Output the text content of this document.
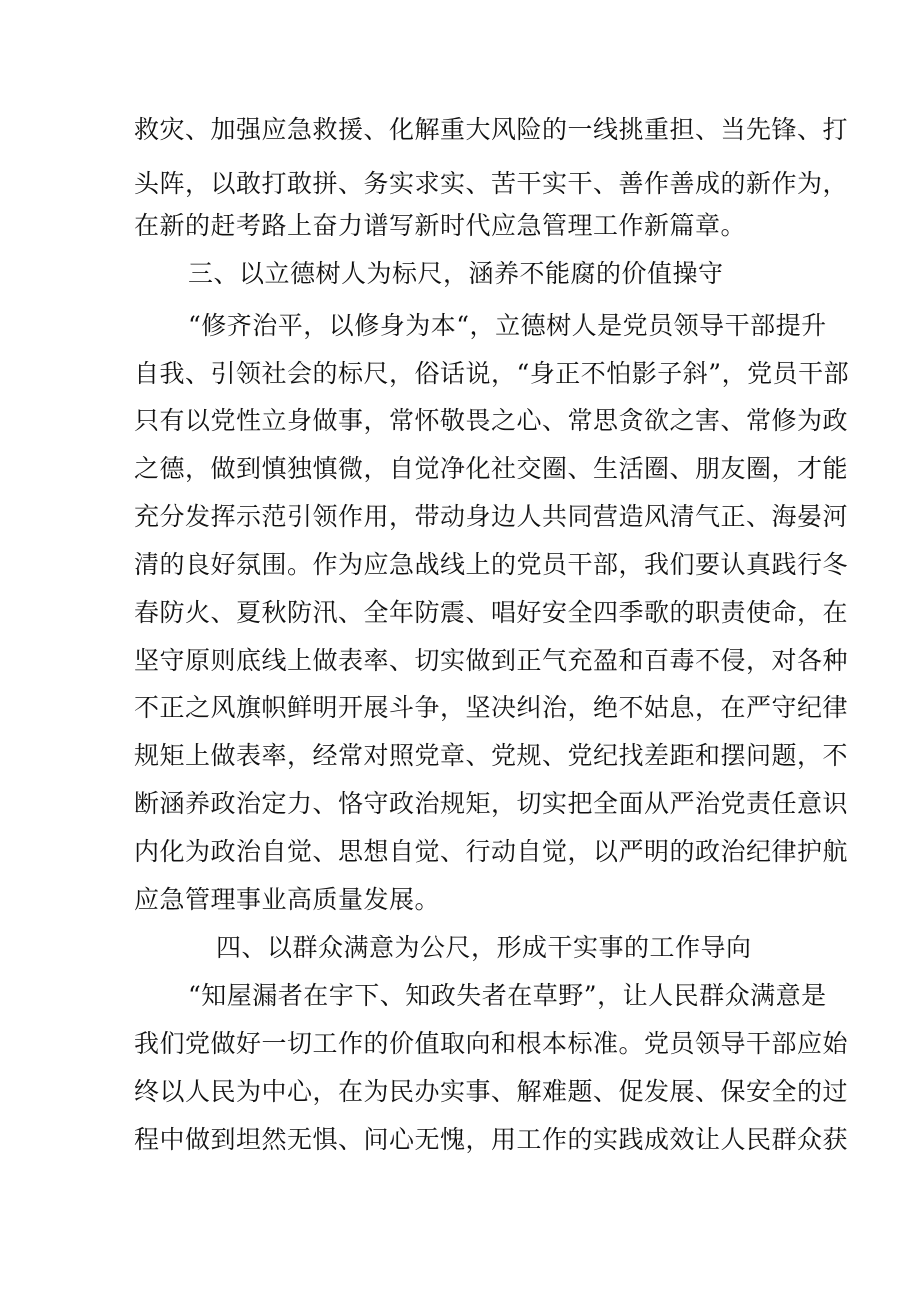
救灾、加强应急救援、化解重大风险的一线挑重担、当先锋、打
头阵，以敢打敢拼、务实求实、苦干实干、善作善成的新作为，
在新的赶考路上奋力谱写新时代应急管理工作新篇章。
三、以立德树人为标尺，涵养不能腐的价值操守
“修齐治平，以修身为本“，立德树人是党员领导干部提升
自我、引领社会的标尺，俗话说，“身正不怕影子斜”，党员干部
只有以党性立身做事，常怀敬畏之心、常思贪欲之害、常修为政
之德，做到慎独慎微，自觉净化社交圈、生活圈、朋友圈，才能
充分发挥示范引领作用，带动身边人共同营造风清气正、海晏河
清的良好氛围。作为应急战线上的党员干部，我们要认真践行冬
春防火、夏秋防汛、全年防震、唱好安全四季歌的职责使命，在
坚守原则底线上做表率、切实做到正气充盈和百毒不侵，对各种
不正之风旗帜鲜明开展斗争，坚决纠治，绝不姑息，在严守纪律
规矩上做表率，经常对照党章、党规、党纪找差距和摆问题，不
断涵养政治定力、恪守政治规矩，切实把全面从严治党责任意识
内化为政治自觉、思想自觉、行动自觉，以严明的政治纪律护航
应急管理事业高质量发展。
四、以群众满意为公尺，形成干实事的工作导向
“知屋漏者在宇下、知政失者在草野”，让人民群众满意是
我们党做好一切工作的价值取向和根本标准。党员领导干部应始
终以人民为中心，在为民办实事、解难题、促发展、保安全的过
程中做到坦然无惧、问心无愧，用工作的实践成效让人民群众获
